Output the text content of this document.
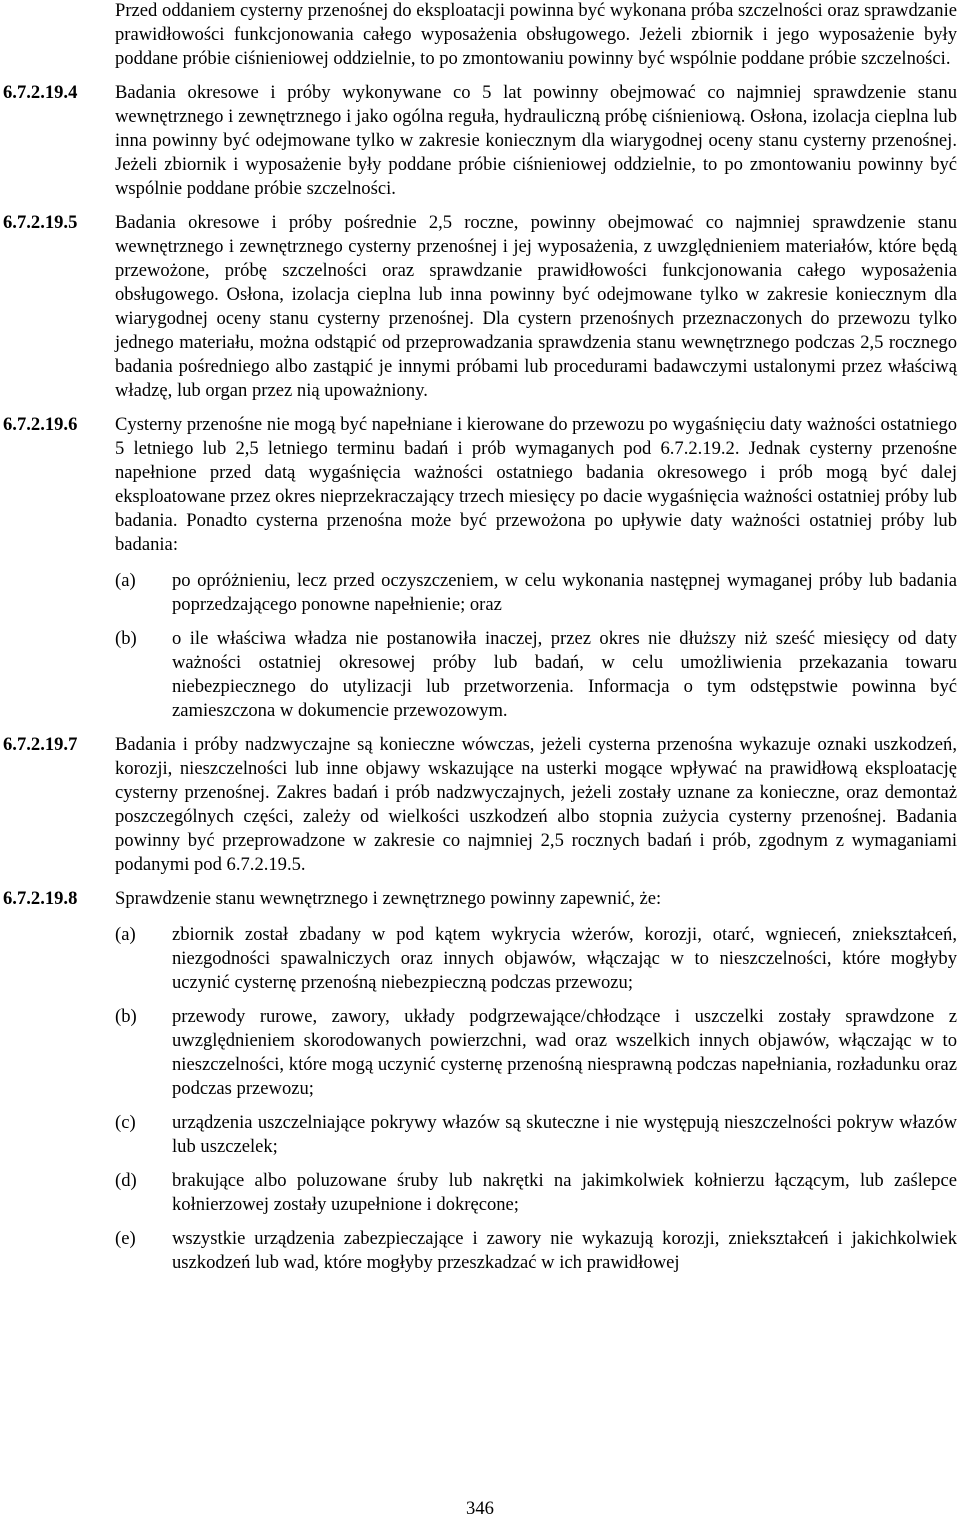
Przed oddaniem cysterny przenośnej do eksploatacji powinna być wykonana próba szczelności oraz sprawdzanie prawidłowości funkcjonowania całego wyposażenia obsługowego. Jeżeli zbiornik i jego wyposażenie były poddane próbie ciśnieniowej oddzielnie, to po zmontowaniu powinny być wspólnie poddane próbie szczelności.
6.7.2.19.4	Badania okresowe i próby wykonywane co 5 lat powinny obejmować co najmniej sprawdzenie stanu wewnętrznego i zewnętrznego i jako ogólna reguła, hydrauliczną próbę ciśnieniową. Osłona, izolacja cieplna lub inna powinny być odejmowane tylko w zakresie koniecznym dla wiarygodnej oceny stanu cysterny przenośnej. Jeżeli zbiornik i wyposażenie były poddane próbie ciśnieniowej oddzielnie, to po zmontowaniu powinny być wspólnie poddane próbie szczelności.
6.7.2.19.5	Badania okresowe i próby pośrednie 2,5 roczne, powinny obejmować co najmniej sprawdzenie stanu wewnętrznego i zewnętrznego cysterny przenośnej i jej wyposażenia, z uwzględnieniem materiałów, które będą przewożone, próbę szczelności oraz sprawdzanie prawidłowości funkcjonowania całego wyposażenia obsługowego. Osłona, izolacja cieplna lub inna powinny być odejmowane tylko w zakresie koniecznym dla wiarygodnej oceny stanu cysterny przenośnej. Dla cystern przenośnych przeznaczonych do przewozu tylko jednego materiału, można odstąpić od przeprowadzania sprawdzenia stanu wewnętrznego podczas 2,5 rocznego badania pośredniego albo zastąpić je innymi próbami lub procedurami badawczymi ustalonymi przez właściwą władzę, lub organ przez nią upoważniony.
6.7.2.19.6	Cysterny przenośne nie mogą być napełniane i kierowane do przewozu po wygaśnięciu daty ważności ostatniego 5 letniego lub 2,5 letniego terminu badań i prób wymaganych pod 6.7.2.19.2. Jednak cysterny przenośne napełnione przed datą wygaśnięcia ważności ostatniego badania okresowego i prób mogą być dalej eksploatowane przez okres nieprzekraczający trzech miesięcy po dacie wygaśnięcia ważności ostatniej próby lub badania. Ponadto cysterna przenośna może być przewożona po upływie daty ważności ostatniej próby lub badania:
(a)	po opróżnieniu, lecz przed oczyszczeniem, w celu wykonania następnej wymaganej próby lub badania poprzedzającego ponowne napełnienie; oraz
(b)	o ile właściwa władza nie postanowiła inaczej, przez okres nie dłuższy niż sześć miesięcy od daty ważności ostatniej okresowej próby lub badań, w celu umożliwienia przekazania towaru niebezpiecznego do utylizacji lub przetworzenia. Informacja o tym odstępstwie powinna być zamieszczona w dokumencie przewozowym.
6.7.2.19.7	Badania i próby nadzwyczajne są konieczne wówczas, jeżeli cysterna przenośna wykazuje oznaki uszkodzeń, korozji, nieszczelności lub inne objawy wskazujące na usterki mogące wpływać na prawidłową eksploatację cysterny przenośnej. Zakres badań i prób nadzwyczajnych, jeżeli zostały uznane za konieczne, oraz demontaż poszczególnych części, zależy od wielkości uszkodzeń albo stopnia zużycia cysterny przenośnej. Badania powinny być przeprowadzone w zakresie co najmniej 2,5 rocznych badań i prób, zgodnym z wymaganiami podanymi pod 6.7.2.19.5.
6.7.2.19.8	Sprawdzenie stanu wewnętrznego i zewnętrznego powinny zapewnić, że:
(a)	zbiornik został zbadany w pod kątem wykrycia wżerów, korozji, otarć, wgnieceń, zniekształceń, niezgodności spawalniczych oraz innych objawów, włączając w to nieszczelności, które mogłyby uczynić cysternę przenośną niebezpieczną podczas przewozu;
(b)	przewody rurowe, zawory, układy podgrzewające/chłodzące i uszczelki zostały sprawdzone z uwzględnieniem skorodowanych powierzchni, wad oraz wszelkich innych objawów, włączając w to nieszczelności, które mogą uczynić cysternę przenośną niesprawną podczas napełniania, rozładunku oraz podczas przewozu;
(c)	urządzenia uszczelniające pokrywy włazów są skuteczne i nie występują nieszczelności pokryw włazów lub uszczelek;
(d)	brakujące albo poluzowane śruby lub nakrętki na jakimkolwiek kołnierzu łączącym, lub zaślepce kołnierzowej zostały uzupełnione i dokręcone;
(e)	wszystkie urządzenia zabezpieczające i zawory nie wykazują korozji, zniekształceń i jakichkolwiek uszkodzeń lub wad, które mogłyby przeszkadzać w ich prawidłowej
346
